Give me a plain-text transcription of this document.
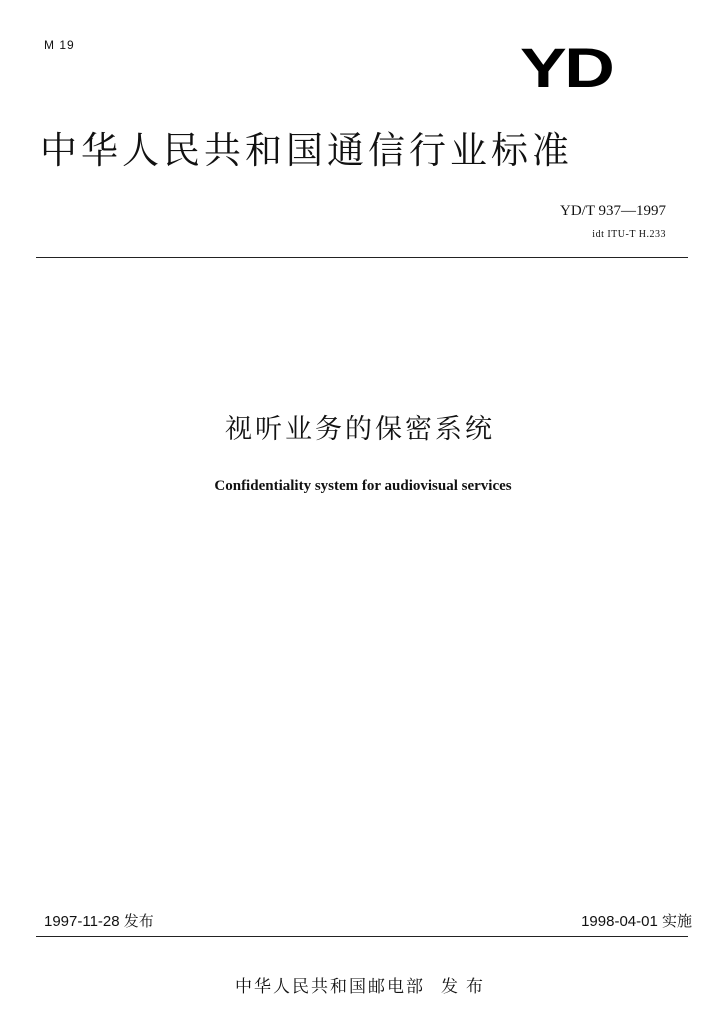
M 19	YD
中华人民共和国通信行业标准
YD/T 937—1997
idt ITU-T H.233
视听业务的保密系统
Confidentiality system for audiovisual services
1997-11-28 发布	1998-04-01 实施
中华人民共和国邮电部 发布
